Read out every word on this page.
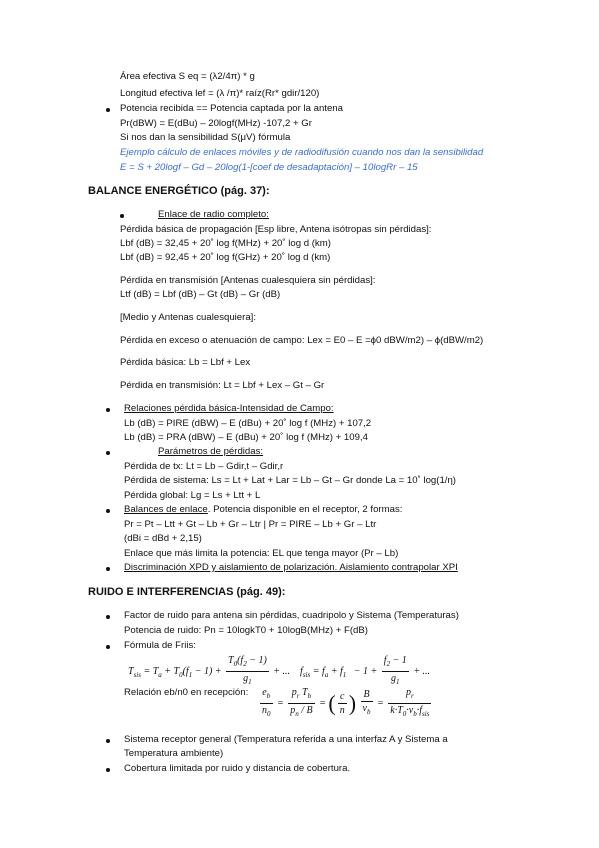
Área efectiva S eq = (λ2/4π) * g
Longitud efectiva lef = (λ /π)* raíz(Rr* gdir/120)
Potencia recibida == Potencia captada por la antena
Pr(dBW) = E(dBu) – 20logf(MHz) -107,2 + Gr
Si nos dan la sensibilidad S(μV) fórmula
Ejemplo cálculo de enlaces móviles y de radiodifusión cuando nos dan la sensibilidad
E = S + 20logf – Gd – 20log(1-[coef de desadaptación] – 10logRr – 15
BALANCE ENERGÉTICO (pág. 37):
Enlace de radio completo:
Pérdida básica de propagación [Esp libre, Antena isótropas sin pérdidas]:
Lbf (dB) = 32,45 + 20˚ log f(MHz) + 20˚ log d (km)
Lbf (dB) = 92,45 + 20˚ log f(GHz) + 20˚ log d (km)
Pérdida en transmisión [Antenas cualesquiera sin pérdidas]:
Ltf (dB) = Lbf (dB) – Gt (dB) – Gr (dB)
[Medio y Antenas cualesquiera]:
Pérdida en exceso o atenuación de campo: Lex = E0 – E =ϕ0 dBW/m2) – ϕ(dBW/m2)
Pérdida básica: Lb = Lbf + Lex
Pérdida en transmisión: Lt = Lbf + Lex – Gt – Gr
Relaciones pérdida básica-Intensidad de Campo:
Lb (dB) = PIRE (dBW) – E (dBu) + 20˚ log f (MHz) + 107,2
Lb (dB) = PRA (dBW) – E (dBu) + 20˚ log f (MHz) + 109,4
Parámetros de pérdidas:
Pérdida de tx: Lt = Lb – Gdir,t – Gdir,r
Pérdida de sistema: Ls = Lt + Lat + Lar = Lb – Gt – Gr donde La = 10˚ log(1/η)
Pérdida global: Lg = Ls + Ltt + L
Balances de enlace. Potencia disponible en el receptor, 2 formas:
Pr = Pt – Ltt + Gt – Lb + Gr – Ltr | Pr = PIRE – Lb + Gr – Ltr
(dBi = dBd + 2,15)
Enlace que más limita la potencia: EL que tenga mayor (Pr – Lb)
Discriminación XPD y aislamiento de polarización. Aislamiento contrapolar XPI
RUIDO E INTERFERENCIAS (pág. 49):
Factor de ruido para antena sin pérdidas, cuadripolo y Sistema (Temperaturas)
Potencia de ruido: Pn = 10logkT0 + 10logB(MHz) + F(dB)
Fórmula de Friis:
$T_{sis} = T_a + T_0(f_1 - 1) + \frac{T_0(f_2 - 1)}{g_1}$ + ...    $f_{sis} = f_a + f_1 - 1 + \frac{f_2 - 1}{g_1}$ + ...
Relación eb/n0 en recepción: $\frac{e_b}{n_0} = \frac{p_r T_b}{p_n / B}$ = ( $\frac{c}{n}$ ) $\frac{B}{v_b} = \frac{p_r}{k\cdot T_0\cdot v_b\cdot f_{sis}}$
Sistema receptor general (Temperatura referida a una interfaz A y Sistema a
Temperatura ambiente)
Cobertura limitada por ruido y distancia de cobertura.
